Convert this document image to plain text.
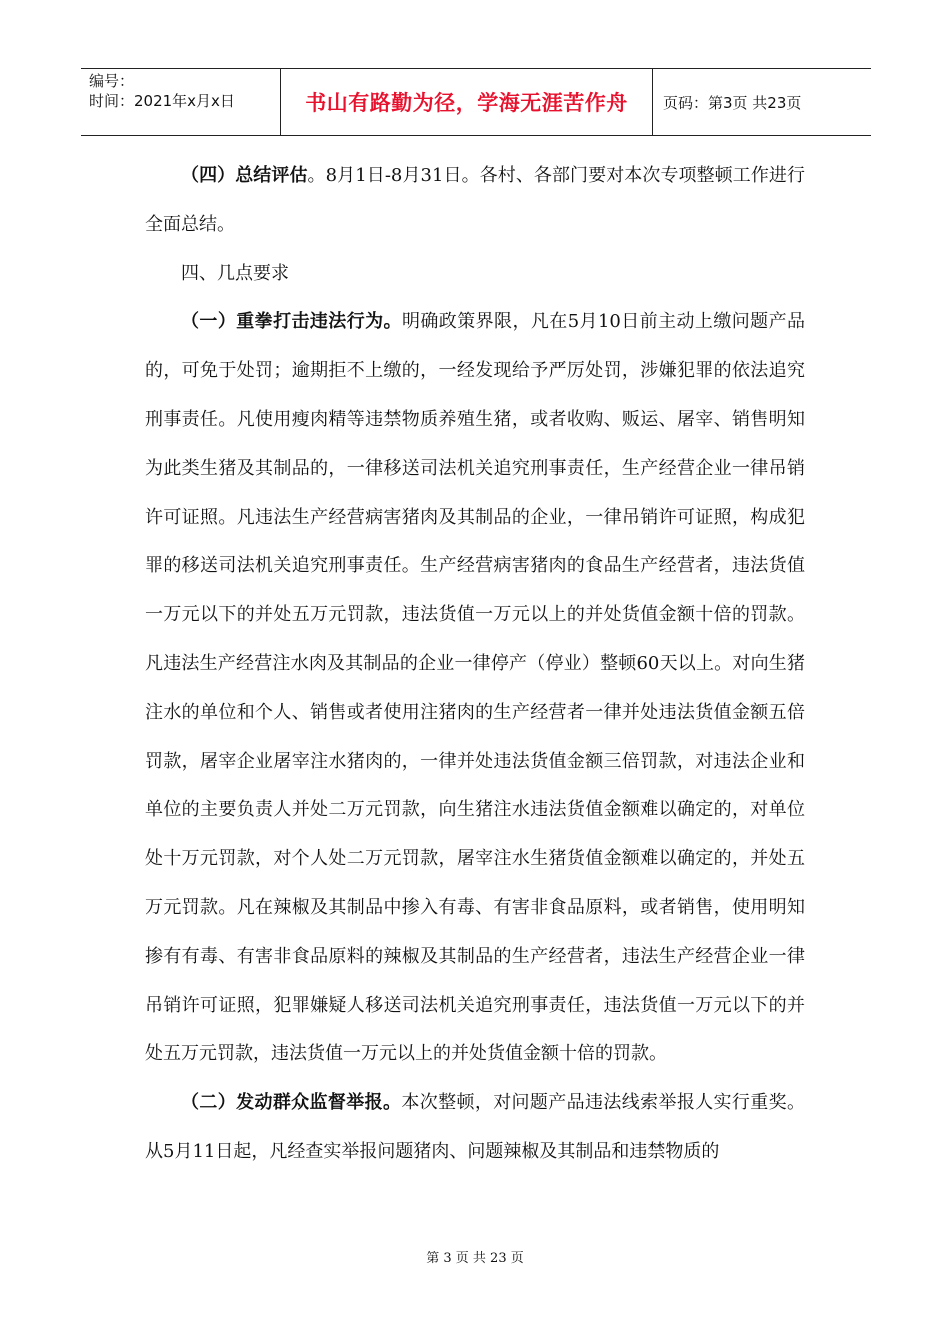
编号：
时间：2021年x月x日	书山有路勤为径，学海无涯苦作舟	页码：第3页 共23页

（四）总结评估。8月1日-8月31日。各村、各部门要对本次专项整顿工作进行全面总结。

四、几点要求

（一）重拳打击违法行为。明确政策界限，凡在5月10日前主动上缴问题产品的，可免于处罚；逾期拒不上缴的，一经发现给予严厉处罚，涉嫌犯罪的依法追究刑事责任。凡使用瘦肉精等违禁物质养殖生猪，或者收购、贩运、屠宰、销售明知为此类生猪及其制品的，一律移送司法机关追究刑事责任，生产经营企业一律吊销许可证照。凡违法生产经营病害猪肉及其制品的企业，一律吊销许可证照，构成犯罪的移送司法机关追究刑事责任。生产经营病害猪肉的食品生产经营者，违法货值一万元以下的并处五万元罚款，违法货值一万元以上的并处货值金额十倍的罚款。凡违法生产经营注水肉及其制品的企业一律停产（停业）整顿60天以上。对向生猪注水的单位和个人、销售或者使用注猪肉的生产经营者一律并处违法货值金额五倍罚款，屠宰企业屠宰注水猪肉的，一律并处违法货值金额三倍罚款，对违法企业和单位的主要负责人并处二万元罚款，向生猪注水违法货值金额难以确定的，对单位处十万元罚款，对个人处二万元罚款，屠宰注水生猪货值金额难以确定的，并处五万元罚款。凡在辣椒及其制品中掺入有毒、有害非食品原料，或者销售，使用明知掺有有毒、有害非食品原料的辣椒及其制品的生产经营者，违法生产经营企业一律吊销许可证照，犯罪嫌疑人移送司法机关追究刑事责任，违法货值一万元以下的并处五万元罚款，违法货值一万元以上的并处货值金额十倍的罚款。

（二）发动群众监督举报。本次整顿，对问题产品违法线索举报人实行重奖。从5月11日起，凡经查实举报问题猪肉、问题辣椒及其制品和违禁物质的

第 3 页 共 23 页
